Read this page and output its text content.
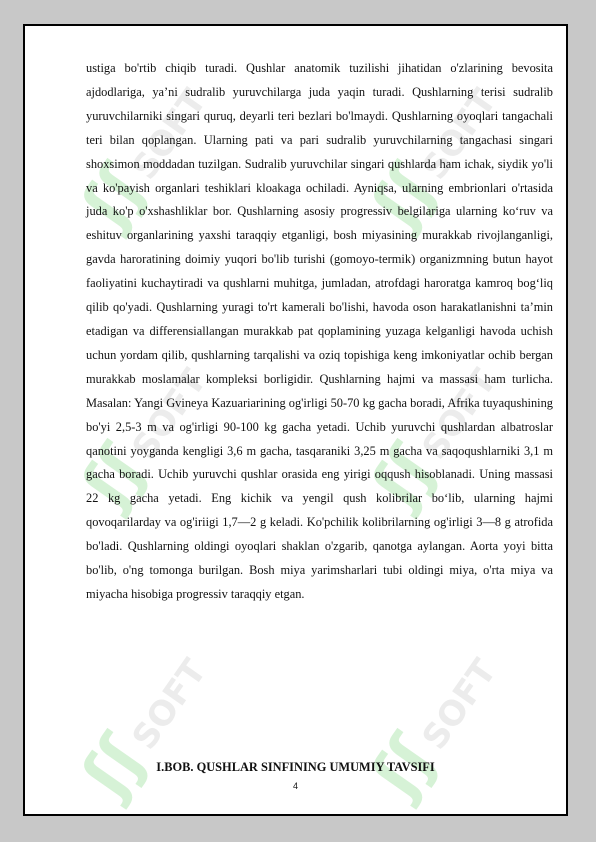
ʃʃSOFT
ʃʃSOFT
ʃʃSOFT
ʃʃSOFT
ʃʃSOFT
ʃʃSOFT

ustiga bo'rtib chiqib turadi. Qushlar anatomik tuzilishi jihatidan o'zlarining bevosita ajdodlariga, ya’ni sudralib yuruvchilarga juda yaqin turadi. Qushlarning terisi sudralib yuruvchilarniki singari quruq, deyarli teri bezlari bo'lmaydi. Qushlarning oyoqlari tangachali teri bilan qoplangan. Ularning pati va pari sudralib yuruvchilarning tangachasi singari shoxsimon moddadan tuzilgan. Sudralib yuruvchilar singari qushlarda ham ichak, siydik yo'li va ko'payish organlari teshiklari kloakaga ochiladi. Ayniqsa, ularning embrionlari o'rtasida juda ko'p o'xshashliklar bor. Qushlarning asosiy progressiv belgilariga ularning ko‘ruv va eshituv organlarining yaxshi taraqqiy etganligi, bosh miyasining murakkab rivojlanganligi, gavda haroratining doimiy yuqori bo'lib turishi (gomoyo-termik) organizmning butun hayot faoliyatini kuchaytiradi va qushlarni muhitga, jumladan, atrofdagi haroratga kamroq bog‘liq qilib qo'yadi. Qushlarning yuragi to'rt kamerali bo'lishi, havoda oson harakatlanishni ta’min etadigan va differensiallangan murakkab pat qoplamining yuzaga kelganligi havoda uchish uchun yordam qilib, qushlarning tarqalishi va oziq topishiga keng imkoniyatlar ochib bergan murakkab moslamalar kompleksi borligidir. Qushlarning hajmi va massasi ham turlicha. Masalan: Yangi Gvineya Kazuariarining og'irligi 50-70 kg gacha boradi, Afrika tuyaqushining bo'yi 2,5-3 m va og'irligi 90-100 kg gacha yetadi. Uchib yuruvchi qushlardan albatroslar qanotini yoyganda kengligi 3,6 m gacha, tasqaraniki 3,25 m gacha va saqoqushlarniki 3,1 m gacha boradi. Uchib yuruvchi qushlar orasida eng yirigi oqqush hisoblanadi. Uning massasi 22 kg gacha yetadi. Eng kichik va yengil qush kolibrilar bo‘lib, ularning hajmi qovoqarilarday va og'iriigi 1,7—2 g keladi. Ko'pchilik kolibrilarning og'irligi 3—8 g atrofida bo'ladi. Qushlarning oldingi oyoqlari shaklan o'zgarib, qanotga aylangan. Aorta yoyi bitta bo'lib, o'ng tomonga burilgan. Bosh miya yarimsharlari tubi oldingi miya, o'rta miya va miyacha hisobiga progressiv taraqqiy etgan.

I.BOB. QUSHLAR SINFINING UMUMIY TAVSIFI
4
